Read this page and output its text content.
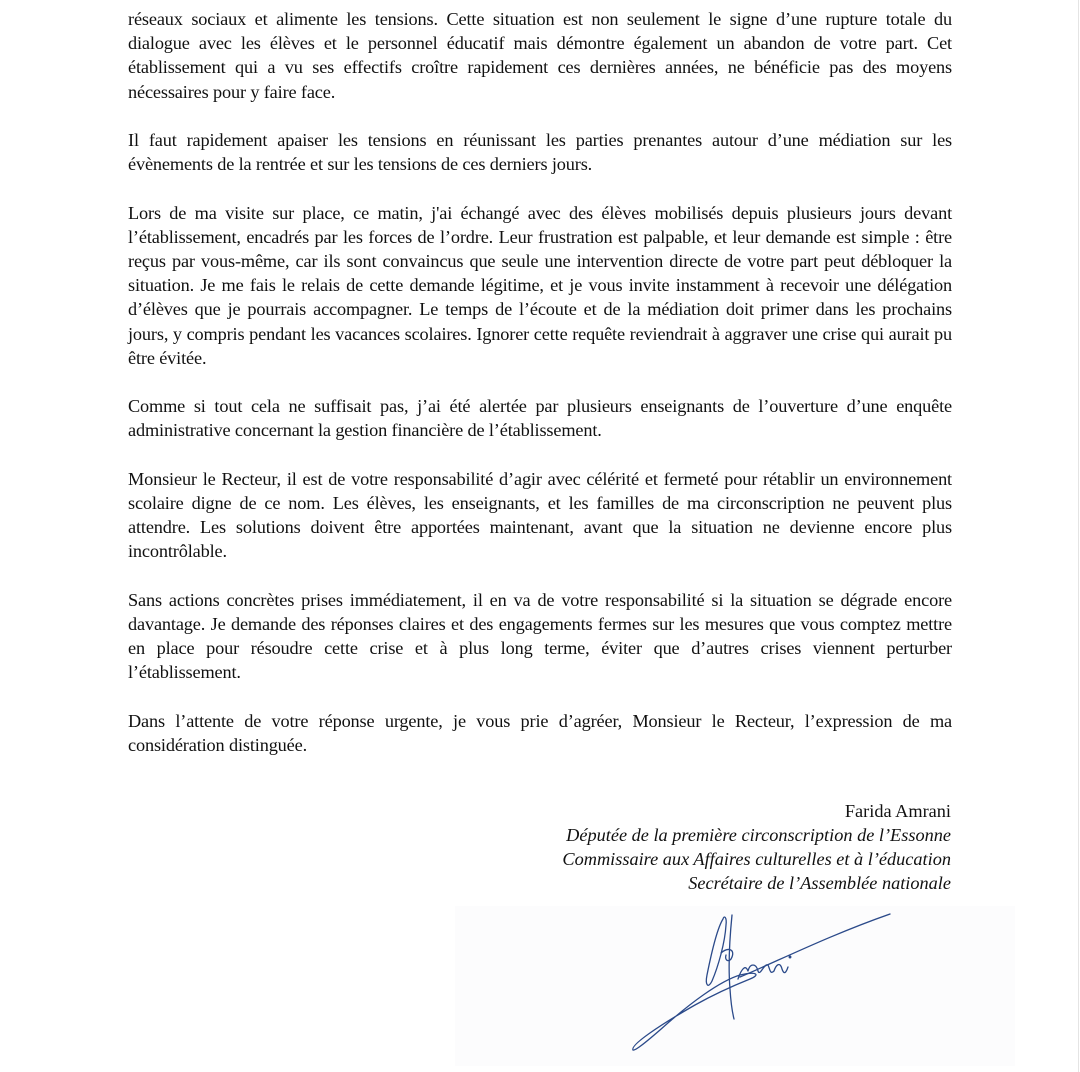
réseaux sociaux et alimente les tensions. Cette situation est non seulement le signe d’une rupture totale du dialogue avec les élèves et le personnel éducatif mais démontre également un abandon de votre part. Cet établissement qui a vu ses effectifs croître rapidement ces dernières années, ne bénéficie pas des moyens nécessaires pour y faire face.

Il faut rapidement apaiser les tensions en réunissant les parties prenantes autour d’une médiation sur les évènements de la rentrée et sur les tensions de ces derniers jours.

Lors de ma visite sur place, ce matin, j'ai échangé avec des élèves mobilisés depuis plusieurs jours devant l’établissement, encadrés par les forces de l’ordre. Leur frustration est palpable, et leur demande est simple : être reçus par vous-même, car ils sont convaincus que seule une intervention directe de votre part peut débloquer la situation. Je me fais le relais de cette demande légitime, et je vous invite instamment à recevoir une délégation d’élèves que je pourrais accompagner. Le temps de l’écoute et de la médiation doit primer dans les prochains jours, y compris pendant les vacances scolaires. Ignorer cette requête reviendrait à aggraver une crise qui aurait pu être évitée.

Comme si tout cela ne suffisait pas, j’ai été alertée par plusieurs enseignants de l’ouverture d’une enquête administrative concernant la gestion financière de l’établissement.

Monsieur le Recteur, il est de votre responsabilité d’agir avec célérité et fermeté pour rétablir un environnement scolaire digne de ce nom. Les élèves, les enseignants, et les familles de ma circonscription ne peuvent plus attendre. Les solutions doivent être apportées maintenant, avant que la situation ne devienne encore plus incontrôlable.

Sans actions concrètes prises immédiatement, il en va de votre responsabilité si la situation se dégrade encore davantage. Je demande des réponses claires et des engagements fermes sur les mesures que vous comptez mettre en place pour résoudre cette crise et à plus long terme, éviter que d’autres crises viennent perturber l’établissement.

Dans l’attente de votre réponse urgente, je vous prie d’agréer, Monsieur le Recteur, l’expression de ma considération distinguée.

Farida Amrani
Députée de la première circonscription de l’Essonne
Commissaire aux Affaires culturelles et à l’éducation
Secrétaire de l’Assemblée nationale
